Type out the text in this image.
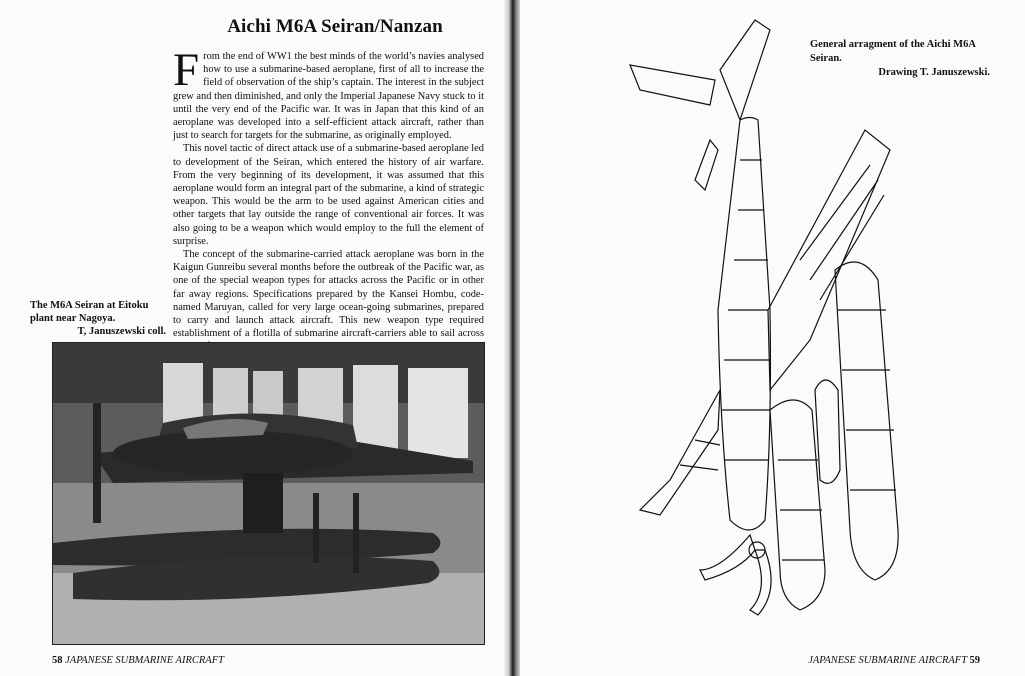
Aichi M6A Seiran/Nanzan

From the end of WW1 the best minds of the world’s navies analysed how to use a submarine-based aeroplane, first of all to increase the field of observation of the ship’s captain. The interest in the subject grew and then diminished, and only the Imperial Japanese Navy stuck to it until the very end of the Pacific war. It was in Japan that this kind of an aeroplane was developed into a self-efficient attack aircraft, rather than just to search for targets for the submarine, as originally employed.

This novel tactic of direct attack use of a submarine-based aeroplane led to development of the Seiran, which entered the history of air warfare. From the very beginning of its development, it was assumed that this aeroplane would form an integral part of the submarine, a kind of strategic weapon. This would be the arm to be used against American cities and other targets that lay outside the range of conventional air forces. It was also going to be a weapon which would employ to the full the element of surprise.

The concept of the submarine-carried attack aeroplane was born in the Kaigun Gunreibu several months before the outbreak of the Pacific war, as one of the special weapon types for attacks across the Pacific or in other far away regions. Specifications prepared by the Kansei Hombu, code-named Maruyan, called for very large ocean-going submarines, prepared to carry and launch attack aircraft. This new weapon type required establishment of a flotilla of submarine aircraft-carriers able to sail across

The M6A Seiran at Eitoku plant near Nagoya.
T, Januszewski coll.
58 JAPANESE SUBMARINE AIRCRAFT
General arragment of the Aichi M6A Seiran.
Drawing T. Januszewski.
JAPANESE SUBMARINE AIRCRAFT 59
